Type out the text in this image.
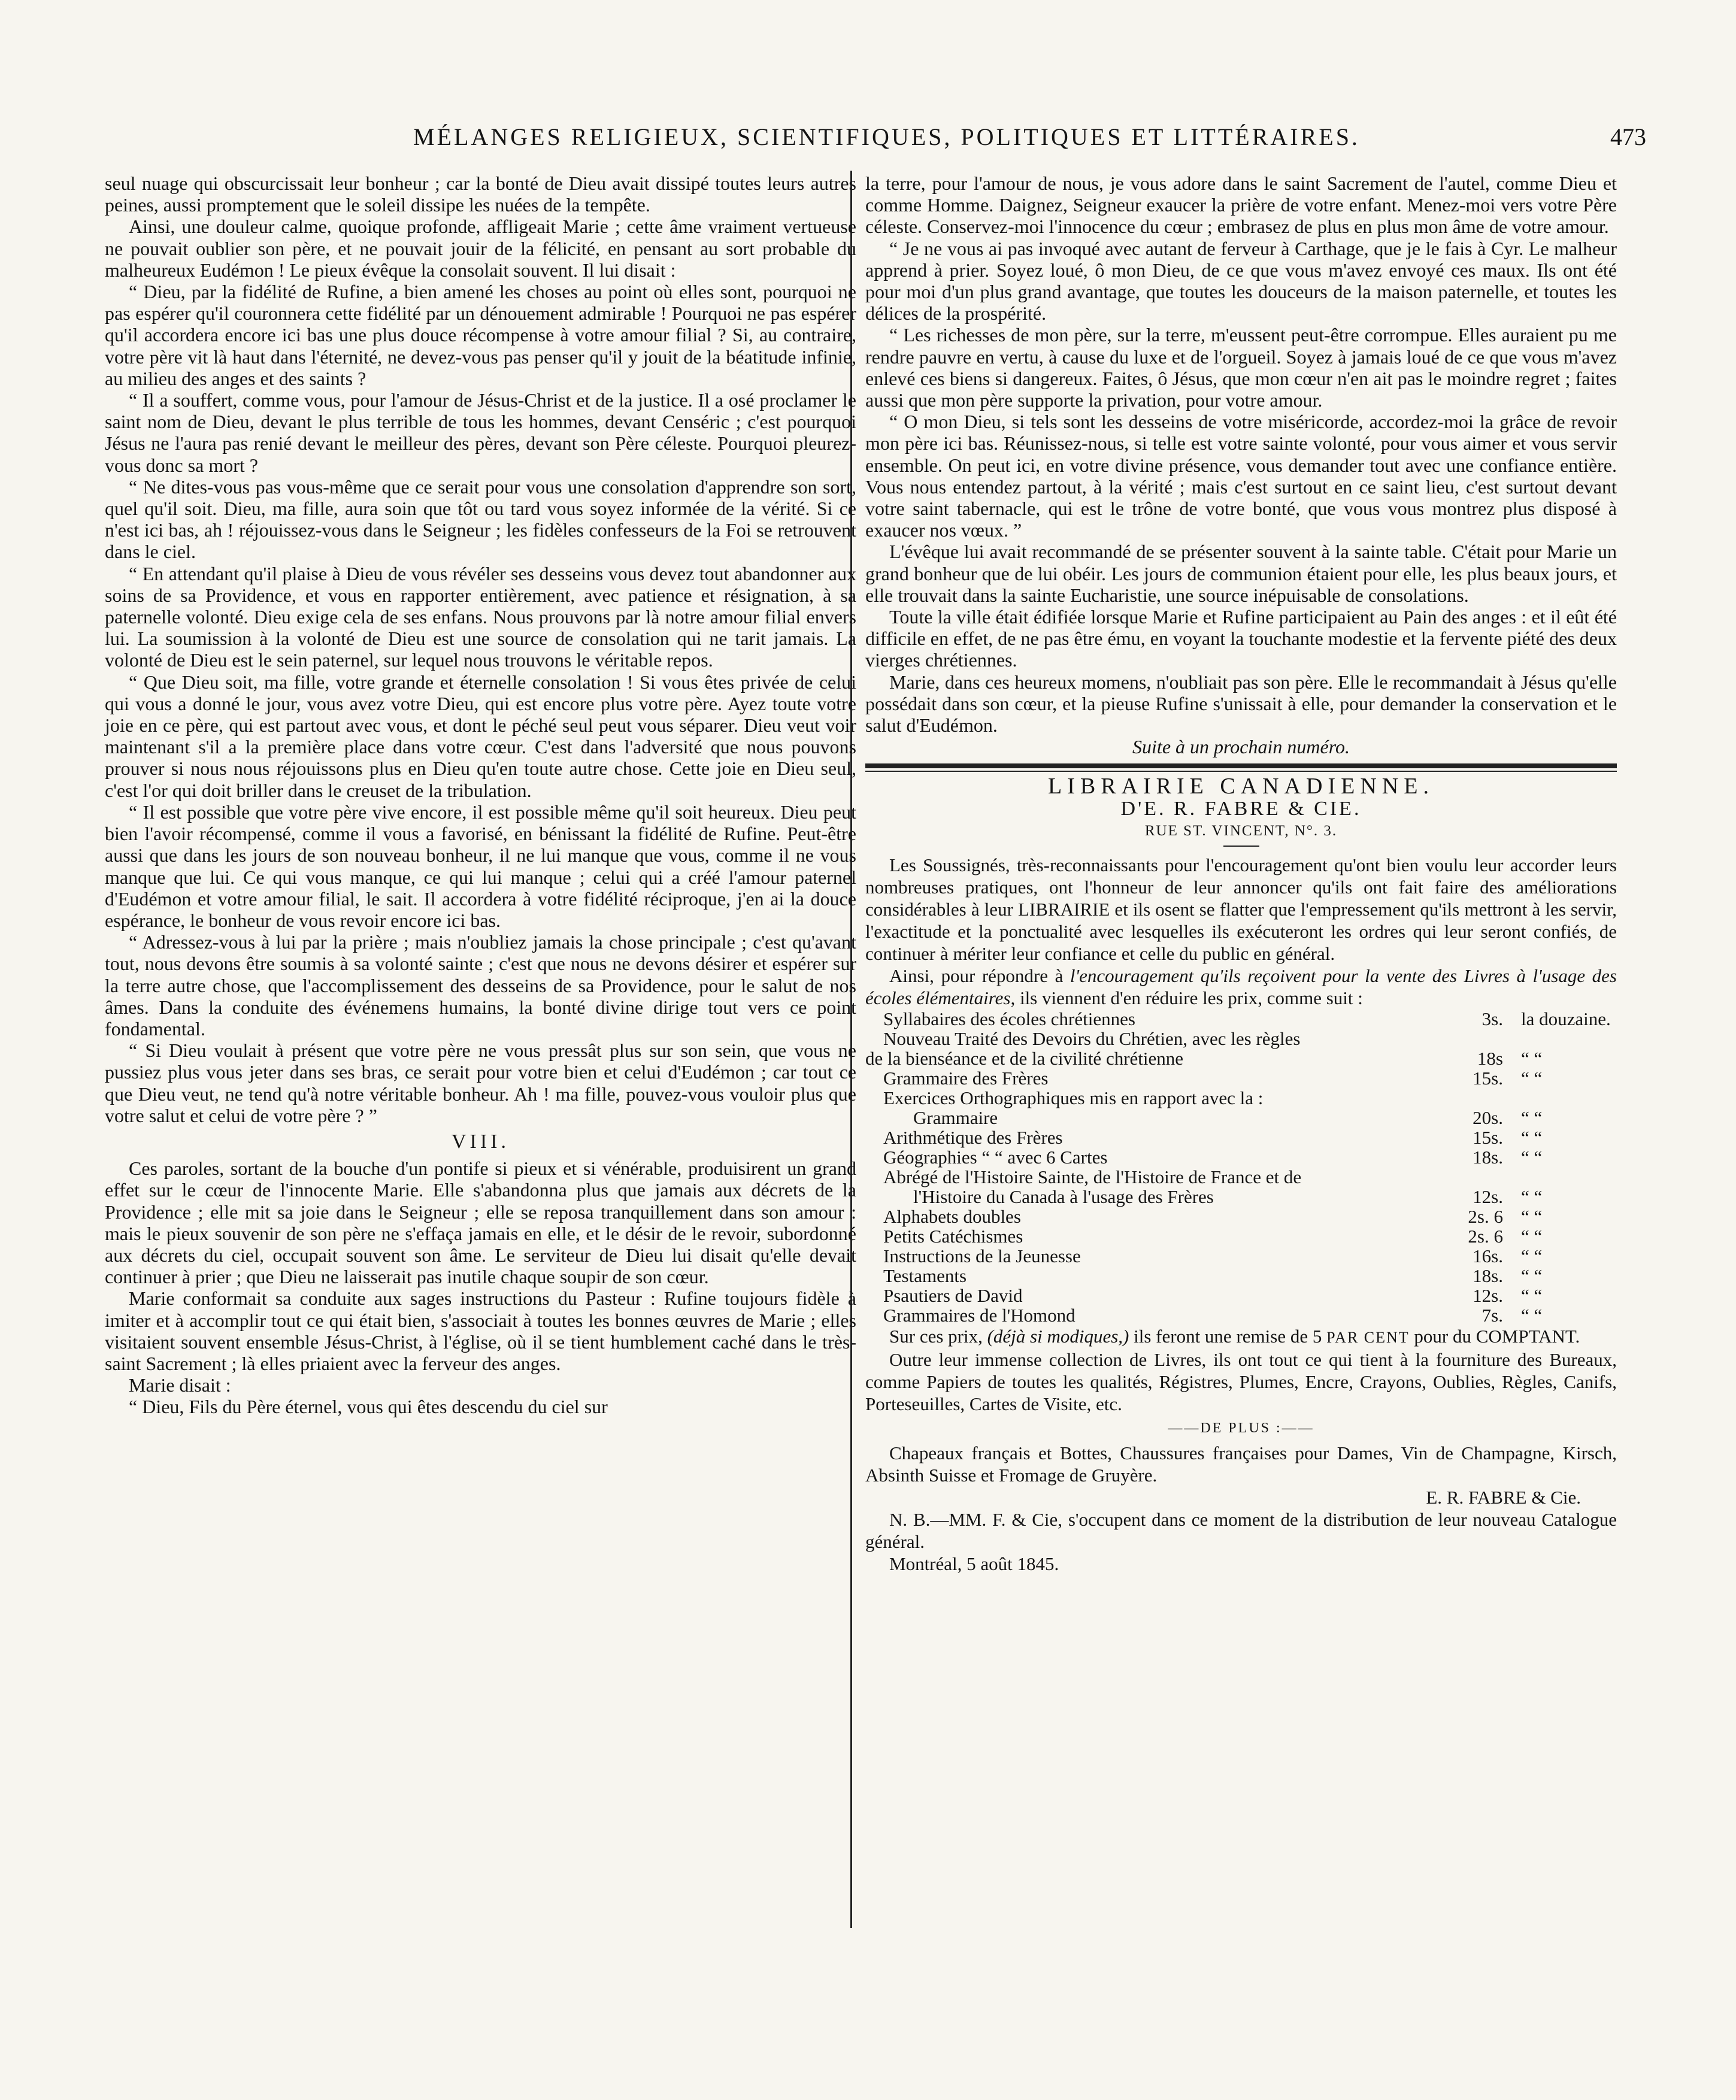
MÉLANGES RELIGIEUX, SCIENTIFIQUES, POLITIQUES ET LITTÉRAIRES.	473

seul nuage qui obscurcissait leur bonheur ; car la bonté de Dieu avait dissipé toutes leurs autres peines, aussi promptement que le soleil dissipe les nuées de la tempête.

Ainsi, une douleur calme, quoique profonde, affligeait Marie ; cette âme vraiment vertueuse ne pouvait oublier son père, et ne pouvait jouir de la félicité, en pensant au sort probable du malheureux Eudémon ! Le pieux évêque la consolait souvent. Il lui disait :

“ Dieu, par la fidélité de Rufine, a bien amené les choses au point où elles sont, pourquoi ne pas espérer qu'il couronnera cette fidélité par un dénouement admirable ! Pourquoi ne pas espérer qu'il accordera encore ici bas une plus douce récompense à votre amour filial ? Si, au contraire, votre père vit là haut dans l'éternité, ne devez-vous pas penser qu'il y jouit de la béatitude infinie, au milieu des anges et des saints ?

“ Il a souffert, comme vous, pour l'amour de Jésus-Christ et de la justice. Il a osé proclamer le saint nom de Dieu, devant le plus terrible de tous les hommes, devant Censéric ; c'est pourquoi Jésus ne l'aura pas renié devant le meilleur des pères, devant son Père céleste. Pourquoi pleurez-vous donc sa mort ?

“ Ne dites-vous pas vous-même que ce serait pour vous une consolation d'apprendre son sort, quel qu'il soit. Dieu, ma fille, aura soin que tôt ou tard vous soyez informée de la vérité. Si ce n'est ici bas, ah ! réjouissez-vous dans le Seigneur ; les fidèles confesseurs de la Foi se retrouvent dans le ciel.

“ En attendant qu'il plaise à Dieu de vous révéler ses desseins vous devez tout abandonner aux soins de sa Providence, et vous en rapporter entièrement, avec patience et résignation, à sa paternelle volonté. Dieu exige cela de ses enfans. Nous prouvons par là notre amour filial envers lui. La soumission à la volonté de Dieu est une source de consolation qui ne tarit jamais. La volonté de Dieu est le sein paternel, sur lequel nous trouvons le véritable repos.

“ Que Dieu soit, ma fille, votre grande et éternelle consolation ! Si vous êtes privée de celui qui vous a donné le jour, vous avez votre Dieu, qui est encore plus votre père. Ayez toute votre joie en ce père, qui est partout avec vous, et dont le péché seul peut vous séparer. Dieu veut voir maintenant s'il a la première place dans votre cœur. C'est dans l'adversité que nous pouvons prouver si nous nous réjouissons plus en Dieu qu'en toute autre chose. Cette joie en Dieu seul, c'est l'or qui doit briller dans le creuset de la tribulation.

“ Il est possible que votre père vive encore, il est possible même qu'il soit heureux. Dieu peut bien l'avoir récompensé, comme il vous a favorisé, en bénissant la fidélité de Rufine. Peut-être aussi que dans les jours de son nouveau bonheur, il ne lui manque que vous, comme il ne vous manque que lui. Ce qui vous manque, ce qui lui manque ; celui qui a créé l'amour paternel d'Eudémon et votre amour filial, le sait. Il accordera à votre fidélité réciproque, j'en ai la douce espérance, le bonheur de vous revoir encore ici bas.

“ Adressez-vous à lui par la prière ; mais n'oubliez jamais la chose principale ; c'est qu'avant tout, nous devons être soumis à sa volonté sainte ; c'est que nous ne devons désirer et espérer sur la terre autre chose, que l'accomplissement des desseins de sa Providence, pour le salut de nos âmes. Dans la conduite des événemens humains, la bonté divine dirige tout vers ce point fondamental.

“ Si Dieu voulait à présent que votre père ne vous pressât plus sur son sein, que vous ne pussiez plus vous jeter dans ses bras, ce serait pour votre bien et celui d'Eudémon ; car tout ce que Dieu veut, ne tend qu'à notre véritable bonheur. Ah ! ma fille, pouvez-vous vouloir plus que votre salut et celui de votre père ? ”

VIII.

Ces paroles, sortant de la bouche d'un pontife si pieux et si vénérable, produisirent un grand effet sur le cœur de l'innocente Marie. Elle s'abandonna plus que jamais aux décrets de la Providence ; elle mit sa joie dans le Seigneur ; elle se reposa tranquillement dans son amour : mais le pieux souvenir de son père ne s'effaça jamais en elle, et le désir de le revoir, subordonné aux décrets du ciel, occupait souvent son âme. Le serviteur de Dieu lui disait qu'elle devait continuer à prier ; que Dieu ne laisserait pas inutile chaque soupir de son cœur.

Marie conformait sa conduite aux sages instructions du Pasteur : Rufine toujours fidèle à imiter et à accomplir tout ce qui était bien, s'associait à toutes les bonnes œuvres de Marie ; elles visitaient souvent ensemble Jésus-Christ, à l'église, où il se tient humblement caché dans le très-saint Sacrement ; là elles priaient avec la ferveur des anges.

Marie disait :

“ Dieu, Fils du Père éternel, vous qui êtes descendu du ciel sur

la terre, pour l'amour de nous, je vous adore dans le saint Sacrement de l'autel, comme Dieu et comme Homme. Daignez, Seigneur exaucer la prière de votre enfant. Menez-moi vers votre Père céleste. Conservez-moi l'innocence du cœur ; embrasez de plus en plus mon âme de votre amour.

“ Je ne vous ai pas invoqué avec autant de ferveur à Carthage, que je le fais à Cyr. Le malheur apprend à prier. Soyez loué, ô mon Dieu, de ce que vous m'avez envoyé ces maux. Ils ont été pour moi d'un plus grand avantage, que toutes les douceurs de la maison paternelle, et toutes les délices de la prospérité.

“ Les richesses de mon père, sur la terre, m'eussent peut-être corrompue. Elles auraient pu me rendre pauvre en vertu, à cause du luxe et de l'orgueil. Soyez à jamais loué de ce que vous m'avez enlevé ces biens si dangereux. Faites, ô Jésus, que mon cœur n'en ait pas le moindre regret ; faites aussi que mon père supporte la privation, pour votre amour.

“ O mon Dieu, si tels sont les desseins de votre miséricorde, accordez-moi la grâce de revoir mon père ici bas. Réunissez-nous, si telle est votre sainte volonté, pour vous aimer et vous servir ensemble. On peut ici, en votre divine présence, vous demander tout avec une confiance entière. Vous nous entendez partout, à la vérité ; mais c'est surtout en ce saint lieu, c'est surtout devant votre saint tabernacle, qui est le trône de votre bonté, que vous vous montrez plus disposé à exaucer nos vœux. ”

L'évêque lui avait recommandé de se présenter souvent à la sainte table. C'était pour Marie un grand bonheur que de lui obéir. Les jours de communion étaient pour elle, les plus beaux jours, et elle trouvait dans la sainte Eucharistie, une source inépuisable de consolations.

Toute la ville était édifiée lorsque Marie et Rufine participaient au Pain des anges : et il eût été difficile en effet, de ne pas être ému, en voyant la touchante modestie et la fervente piété des deux vierges chrétiennes.

Marie, dans ces heureux momens, n'oubliait pas son père. Elle le recommandait à Jésus qu'elle possédait dans son cœur, et la pieuse Rufine s'unissait à elle, pour demander la conservation et le salut d'Eudémon.

Suite à un prochain numéro.

LIBRAIRIE CANADIENNE.

D'E. R. FABRE & CIE.

RUE ST. VINCENT, N°. 3.

Les Soussignés, très-reconnaissants pour l'encouragement qu'ont bien voulu leur accorder leurs nombreuses pratiques, ont l'honneur de leur annoncer qu'ils ont fait faire des améliorations considérables à leur LIBRAIRIE et ils osent se flatter que l'empressement qu'ils mettront à les servir, l'exactitude et la ponctualité avec lesquelles ils exécuteront les ordres qui leur seront confiés, de continuer à mériter leur confiance et celle du public en général.

Ainsi, pour répondre à l'encouragement qu'ils reçoivent pour la vente des Livres à l'usage des écoles élémentaires, ils viennent d'en réduire les prix, comme suit :

Syllabaires des écoles chrétiennes	3s.	la douzaine.
Nouveau Traité des Devoirs du Chrétien, avec les règles		
de la bienséance et de la civilité chrétienne	18s	“ “
Grammaire des Frères	15s.	“ “
Exercices Orthographiques mis en rapport avec la :		
Grammaire	20s.	“ “
Arithmétique des Frères	15s.	“ “
Géographies “ “ avec 6 Cartes	18s.	“ “
Abrégé de l'Histoire Sainte, de l'Histoire de France et de		
l'Histoire du Canada à l'usage des Frères	12s.	“ “
Alphabets doubles	2s. 6	“ “
Petits Catéchismes	2s. 6	“ “
Instructions de la Jeunesse	16s.	“ “
Testaments	18s.	“ “
Psautiers de David	12s.	“ “
Grammaires de l'Homond	7s.	“ “

Sur ces prix, (déjà si modiques,) ils feront une remise de 5 PAR CENT pour du COMPTANT.

Outre leur immense collection de Livres, ils ont tout ce qui tient à la fourniture des Bureaux, comme Papiers de toutes les qualités, Régistres, Plumes, Encre, Crayons, Oublies, Règles, Canifs, Porteseuilles, Cartes de Visite, etc.

——DE PLUS :——

Chapeaux français et Bottes, Chaussures françaises pour Dames, Vin de Champagne, Kirsch, Absinth Suisse et Fromage de Gruyère.

E. R. FABRE & Cie.

N. B.—MM. F. & Cie, s'occupent dans ce moment de la distribution de leur nouveau Catalogue général.

Montréal, 5 août 1845.
